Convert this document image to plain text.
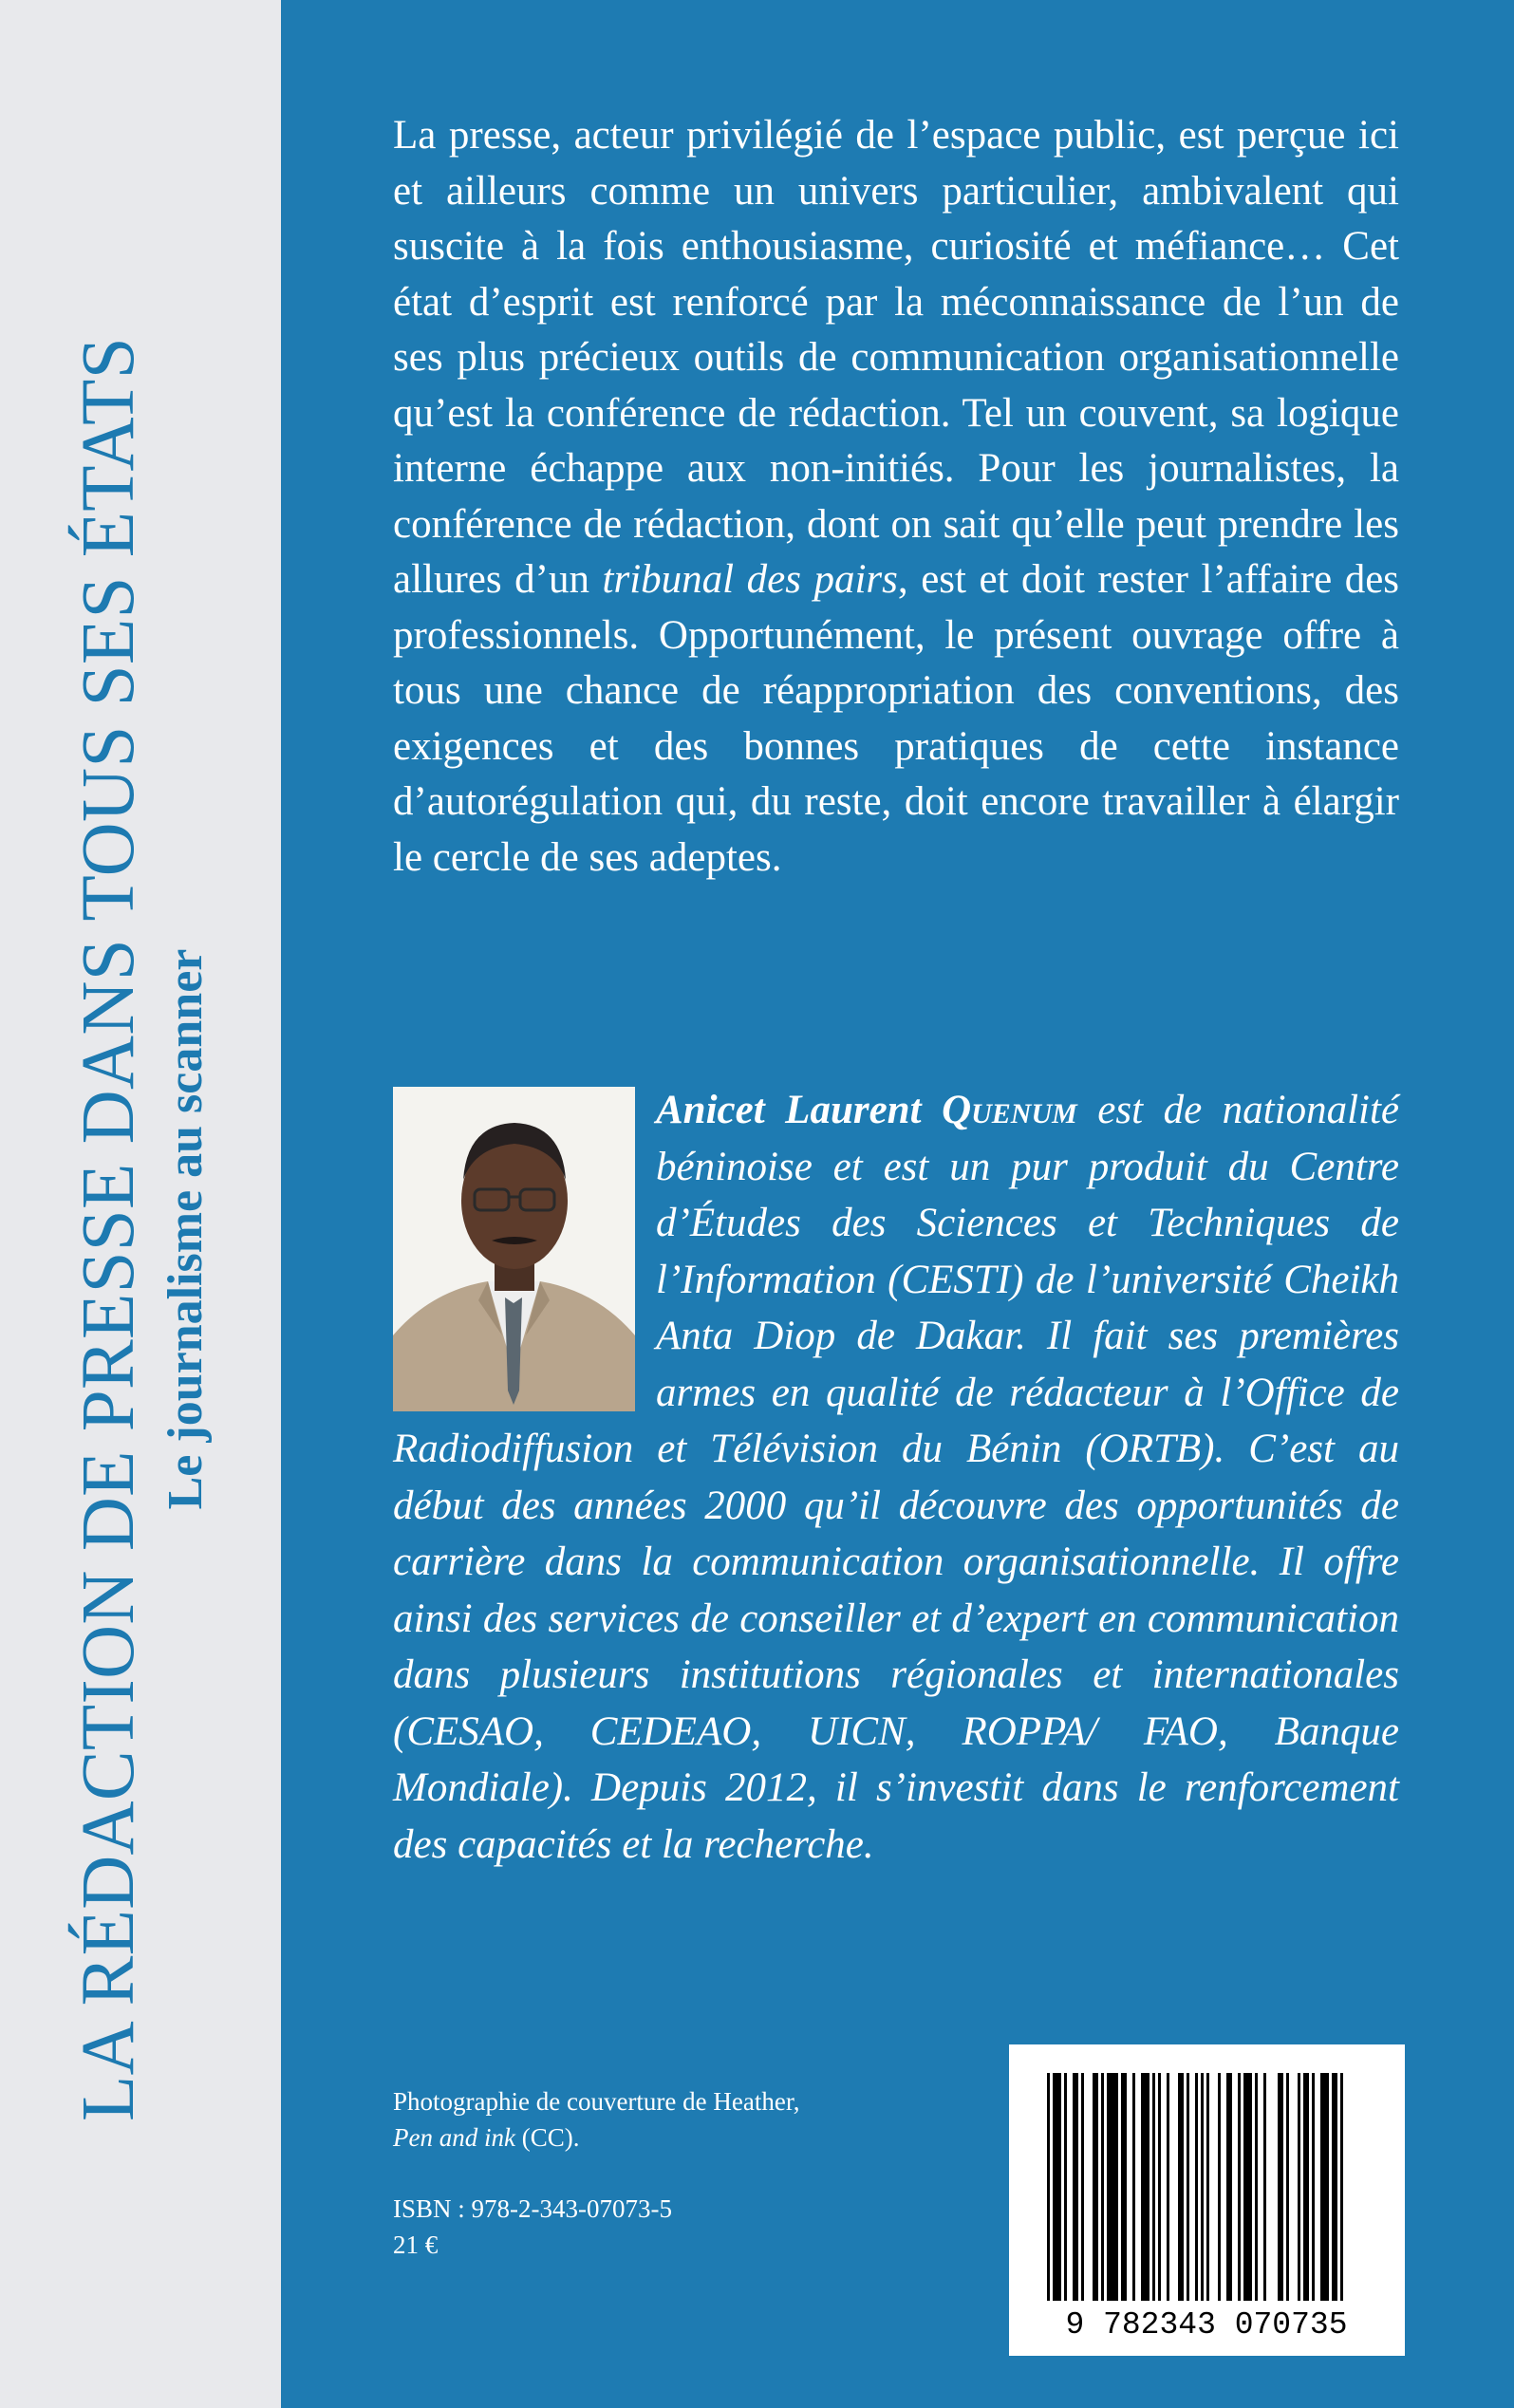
LA RÉDACTION DE PRESSE DANS TOUS SES ÉTATS Le journalisme au scanner

La presse, acteur privilégié de l’espace public, est perçue ici et ailleurs comme un univers particulier, ambivalent qui suscite à la fois enthousiasme, curiosité et méfiance… Cet état d’esprit est renforcé par la méconnaissance de l’un de ses plus précieux outils de communication organisationnelle qu’est la conférence de rédaction. Tel un couvent, sa logique interne échappe aux non-initiés. Pour les journalistes, la conférence de rédaction, dont on sait qu’elle peut prendre les allures d’un tribunal des pairs, est et doit rester l’affaire des professionnels. Opportunément, le présent ouvrage offre à tous une chance de réappropriation des conventions, des exigences et des bonnes pratiques de cette instance d’autorégulation qui, du reste, doit encore travailler à élargir le cercle de ses adeptes.

Anicet Laurent Quenum est de nationalité béninoise et est un pur produit du Centre d’Études des Sciences et Techniques de l’Information (CESTI) de l’université Cheikh Anta Diop de Dakar. Il fait ses premières armes en qualité de rédacteur à l’Office de Radiodiffusion et Télévision du Bénin (ORTB). C’est au début des années 2000 qu’il découvre des opportunités de carrière dans la communication organisationnelle. Il offre ainsi des services de conseiller et d’expert en communication dans plusieurs institutions régionales et internationales (CESAO, CEDEAO, UICN, ROPPA/ FAO, Banque Mondiale). Depuis 2012, il s’investit dans le renforcement des capacités et la recherche.

Photographie de couverture de Heather,
Pen and ink (CC).

ISBN : 978-2-343-07073-5
21 €

9 782343 070735
